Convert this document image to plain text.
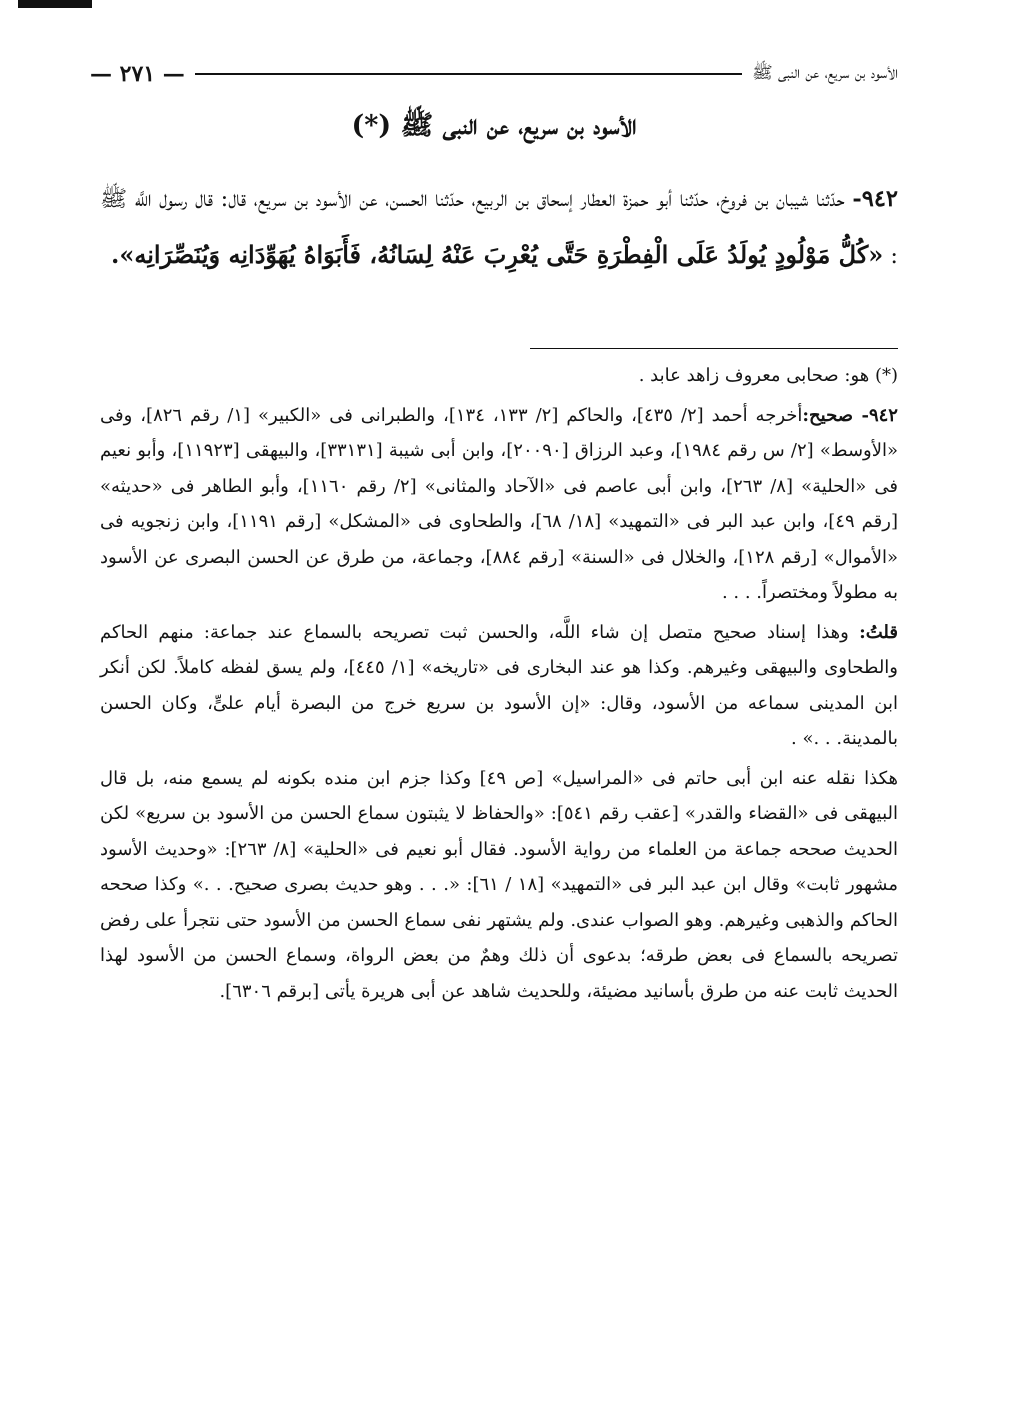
الأسود بن سريع، عن النبى ﷺ
— ٢٧١ —
الأسود بن سريع، عن النبى ﷺ (*)
٩٤٢- حدّثنا شيبان بن فروخ، حدّثنا أبو حمزة العطار إسحاق بن الربيع، حدّثنا الحسن، عن الأسود بن سريع، قال: قال رسول اللَّه ﷺ : «كُلُّ مَوْلُودٍ يُولَدُ عَلَى الْفِطْرَةِ حَتَّى يُعْرِبَ عَنْهُ لِسَانُهُ، فَأَبَوَاهُ يُهَوِّدَانِه وَيُنَصِّرَانِه».

(*) هو: صحابى معروف زاهد عابد .

٩٤٢- صحيح:أخرجه أحمد [٢/ ٤٣٥]، والحاكم [٢/ ١٣٣، ١٣٤]، والطبرانى فى «الكبير» [١/ رقم ٨٢٦]، وفى «الأوسط» [٢/ س رقم ١٩٨٤]، وعبد الرزاق [٢٠٠٩٠]، وابن أبى شيبة [٣٣١٣١]، والبيهقى [١١٩٢٣]، وأبو نعيم فى «الحلية» [٨/ ٢٦٣]، وابن أبى عاصم فى «الآحاد والمثانى» [٢/ رقم ١١٦٠]، وأبو الطاهر فى «حديثه» [رقم ٤٩]، وابن عبد البر فى «التمهيد» [١٨/ ٦٨]، والطحاوى فى «المشكل» [رقم ١١٩١]، وابن زنجويه فى «الأموال» [رقم ١٢٨]، والخلال فى «السنة» [رقم ٨٨٤]، وجماعة، من طرق عن الحسن البصرى عن الأسود به مطولاً ومختصراً. . . .

قلتُ: وهذا إسناد صحيح متصل إن شاء اللَّه، والحسن ثبت تصريحه بالسماع عند جماعة: منهم الحاكم والطحاوى والبيهقى وغيرهم. وكذا هو عند البخارى فى «تاريخه» [١/ ٤٤٥]، ولم يسق لفظه كاملاً. لكن أنكر ابن المدينى سماعه من الأسود، وقال: «إن الأسود بن سريع خرج من البصرة أيام علىٍّ، وكان الحسن بالمدينة. . .» .

هكذا نقله عنه ابن أبى حاتم فى «المراسيل» [ص ٤٩] وكذا جزم ابن منده بكونه لم يسمع منه، بل قال البيهقى فى «القضاء والقدر» [عقب رقم ٥٤١]: «والحفاظ لا يثبتون سماع الحسن من الأسود بن سريع» لكن الحديث صححه جماعة من العلماء من رواية الأسود. فقال أبو نعيم فى «الحلية» [٨/ ٢٦٣]: «وحديث الأسود مشهور ثابت» وقال ابن عبد البر فى «التمهيد» [١٨ / ٦١]: «. . . وهو حديث بصرى صحيح. . .» وكذا صححه الحاكم والذهبى وغيرهم. وهو الصواب عندى. ولم يشتهر نفى سماع الحسن من الأسود حتى نتجرأ على رفض تصريحه بالسماع فى بعض طرقه؛ بدعوى أن ذلك وهمٌ من بعض الرواة، وسماع الحسن من الأسود لهذا الحديث ثابت عنه من طرق بأسانيد مضيئة، وللحديث شاهد عن أبى هريرة يأتى [برقم ٦٣٠٦].
